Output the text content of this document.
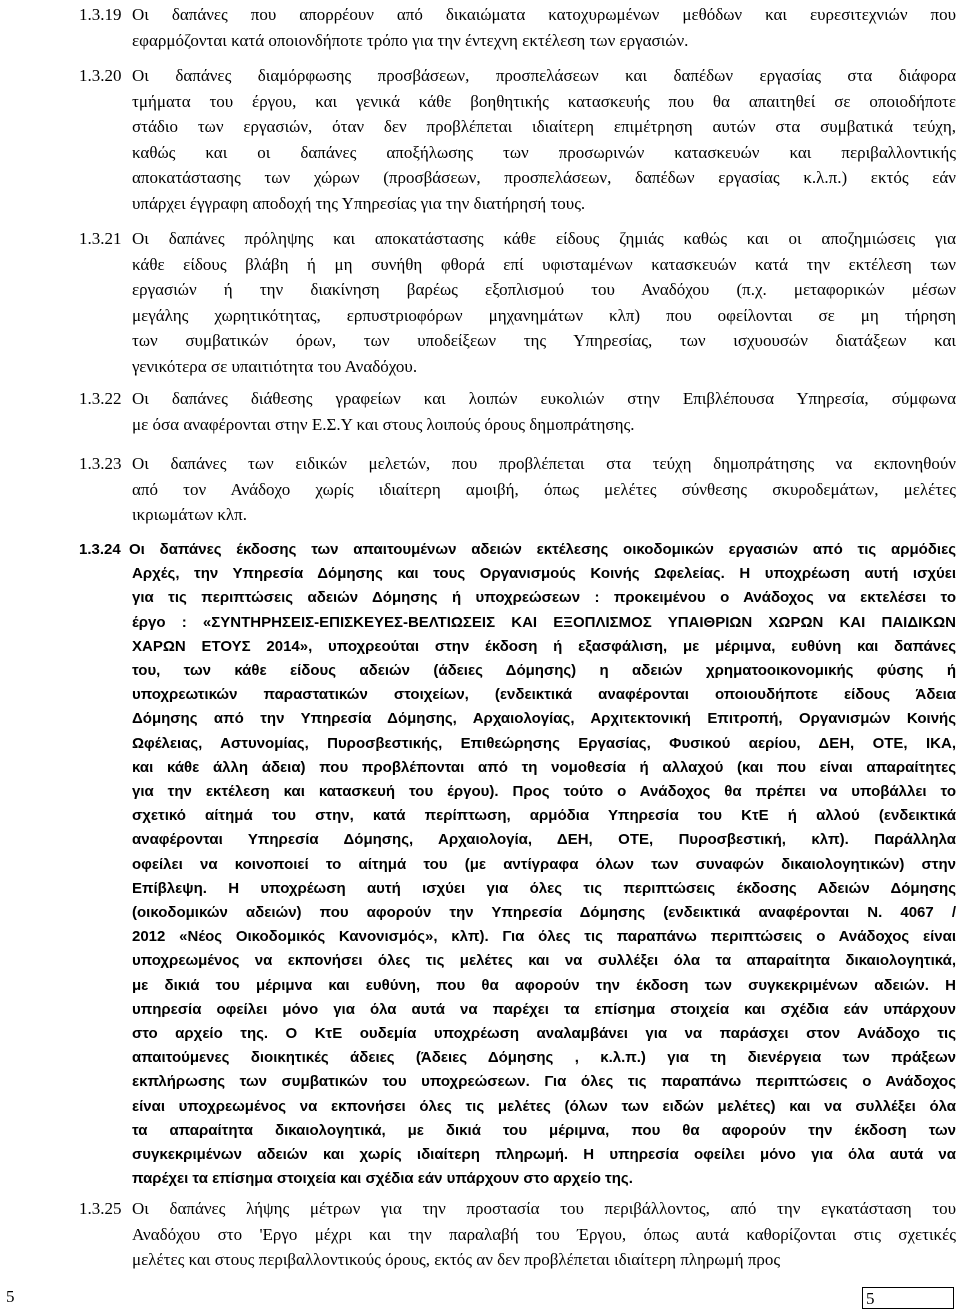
1.3.19 Οι δαπάνες που απορρέουν από δικαιώματα κατοχυρωμένων μεθόδων και ευρεσιτεχνιών που
εφαρμόζονται κατά οποιονδήποτε τρόπο για την έντεχνη εκτέλεση των εργασιών.
1.3.20 Οι δαπάνες διαμόρφωσης προσβάσεων, προσπελάσεων και δαπέδων εργασίας στα διάφορα
τμήματα του έργου, και γενικά κάθε βοηθητικής κατασκευής που θα απαιτηθεί σε οποιοδήποτε
στάδιο των εργασιών, όταν δεν προβλέπεται ιδιαίτερη επιμέτρηση αυτών στα συμβατικά τεύχη,
καθώς και οι δαπάνες αποξήλωσης των προσωρινών κατασκευών και περιβαλλοντικής
αποκατάστασης των χώρων (προσβάσεων, προσπελάσεων, δαπέδων εργασίας κ.λ.π.) εκτός εάν
υπάρχει έγγραφη αποδοχή της Υπηρεσίας για την διατήρησή τους.
1.3.21 Οι δαπάνες πρόληψης και αποκατάστασης κάθε είδους ζημιάς καθώς και οι αποζημιώσεις για
κάθε είδους βλάβη ή μη συνήθη φθορά επί υφισταμένων κατασκευών κατά την εκτέλεση των
εργασιών ή την διακίνηση βαρέως εξοπλισμού του Αναδόχου (π.χ. μεταφορικών μέσων
μεγάλης χωρητικότητας, ερπυστριοφόρων μηχανημάτων κλπ) που οφείλονται σε μη τήρηση
των συμβατικών όρων, των υποδείξεων της Υπηρεσίας, των ισχυουσών διατάξεων και
γενικότερα σε υπαιτιότητα του Αναδόχου.
1.3.22 Οι δαπάνες διάθεσης γραφείων και λοιπών ευκολιών στην Επιβλέπουσα Υπηρεσία, σύμφωνα
με όσα αναφέρονται στην Ε.Σ.Υ και στους λοιπούς όρους δημοπράτησης.
1.3.23 Οι δαπάνες των ειδικών μελετών, που προβλέπεται στα τεύχη δημοπράτησης να εκπονηθούν
από τον Ανάδοχο χωρίς ιδιαίτερη αμοιβή, όπως μελέτες σύνθεσης σκυροδεμάτων, μελέτες
ικριωμάτων κλπ.
1.3.24 Οι δαπάνες έκδοσης των απαιτουμένων αδειών εκτέλεσης οικοδομικών εργασιών από τις αρμόδιες
Αρχές, την Υπηρεσία Δόμησης και τους Οργανισμούς Κοινής Ωφελείας. Η υποχρέωση αυτή ισχύει
για τις περιπτώσεις αδειών Δόμησης ή υποχρεώσεων : προκειμένου ο Ανάδοχος να εκτελέσει το
έργο : «ΣΥΝΤΗΡΗΣΕΙΣ-ΕΠΙΣΚΕΥΕΣ-ΒΕΛΤΙΩΣΕΙΣ ΚΑΙ ΕΞΟΠΛΙΣΜΟΣ ΥΠΑΙΘΡΙΩΝ ΧΩΡΩΝ ΚΑΙ ΠΑΙΔΙΚΩΝ
ΧΑΡΩΝ ΕΤΟΥΣ 2014», υποχρεούται στην έκδοση ή εξασφάλιση, με μέριμνα, ευθύνη και δαπάνες
του, των κάθε είδους αδειών (άδειες Δόμησης) η αδειών χρηματοοικονομικής φύσης ή
υποχρεωτικών παραστατικών στοιχείων, (ενδεικτικά αναφέρονται οποιουδήποτε είδους Άδεια
Δόμησης από την Υπηρεσία Δόμησης, Αρχαιολογίας, Αρχιτεκτονική Επιτροπή, Οργανισμών Κοινής
Ωφέλειας, Αστυνομίας, Πυροσβεστικής, Επιθεώρησης Εργασίας, Φυσικού αερίου, ΔΕΗ, ΟΤΕ, ΙΚΑ,
και κάθε άλλη άδεια) που προβλέπονται από τη νομοθεσία ή αλλαχού (και που είναι απαραίτητες
για την εκτέλεση και κατασκευή του έργου). Προς τούτο ο Ανάδοχος θα πρέπει να υποβάλλει το
σχετικό αίτημά του στην, κατά περίπτωση, αρμόδια Υπηρεσία του ΚτΕ ή αλλού (ενδεικτικά
αναφέρονται Υπηρεσία Δόμησης, Αρχαιολογία, ΔΕΗ, ΟΤΕ, Πυροσβεστική, κλπ). Παράλληλα
οφείλει να κοινοποιεί το αίτημά του (με αντίγραφα όλων των συναφών δικαιολογητικών) στην
Επίβλεψη. Η υποχρέωση αυτή ισχύει για όλες τις περιπτώσεις έκδοσης Αδειών Δόμησης
(οικοδομικών αδειών) που αφορούν την Υπηρεσία Δόμησης (ενδεικτικά αναφέρονται Ν. 4067 /
2012 «Νέος Οικοδομικός Κανονισμός», κλπ). Για όλες τις παραπάνω περιπτώσεις ο Ανάδοχος είναι
υποχρεωμένος να εκπονήσει όλες τις μελέτες και να συλλέξει όλα τα απαραίτητα δικαιολογητικά,
με δικιά του μέριμνα και ευθύνη, που θα αφορούν την έκδοση των συγκεκριμένων αδειών. Η
υπηρεσία οφείλει μόνο για όλα αυτά να παρέχει τα επίσημα στοιχεία και σχέδια εάν υπάρχουν
στο αρχείο της. Ο ΚτΕ ουδεμία υποχρέωση αναλαμβάνει για να παράσχει στον Ανάδοχο τις
απαιτούμενες διοικητικές άδειες (Άδειες Δόμησης , κ.λ.π.) για τη διενέργεια των πράξεων
εκπλήρωσης των συμβατικών του υποχρεώσεων. Για όλες τις παραπάνω περιπτώσεις ο Ανάδοχος
είναι υποχρεωμένος να εκπονήσει όλες τις μελέτες (όλων των ειδών μελέτες) και να συλλέξει όλα
τα απαραίτητα δικαιολογητικά, με δικιά του μέριμνα, που θα αφορούν την έκδοση των
συγκεκριμένων αδειών και χωρίς ιδιαίτερη πληρωμή. Η υπηρεσία οφείλει μόνο για όλα αυτά να
παρέχει τα επίσημα στοιχεία και σχέδια εάν υπάρχουν στο αρχείο της.
1.3.25 Οι δαπάνες λήψης μέτρων για την προστασία του περιβάλλοντος, από την εγκατάσταση του
Αναδόχου στο 'Εργο μέχρι και την παραλαβή του Έργου, όπως αυτά καθορίζονται στις σχετικές
μελέτες και στους περιβαλλοντικούς όρους, εκτός αν δεν προβλέπεται ιδιαίτερη πληρωμή προς
5	5
